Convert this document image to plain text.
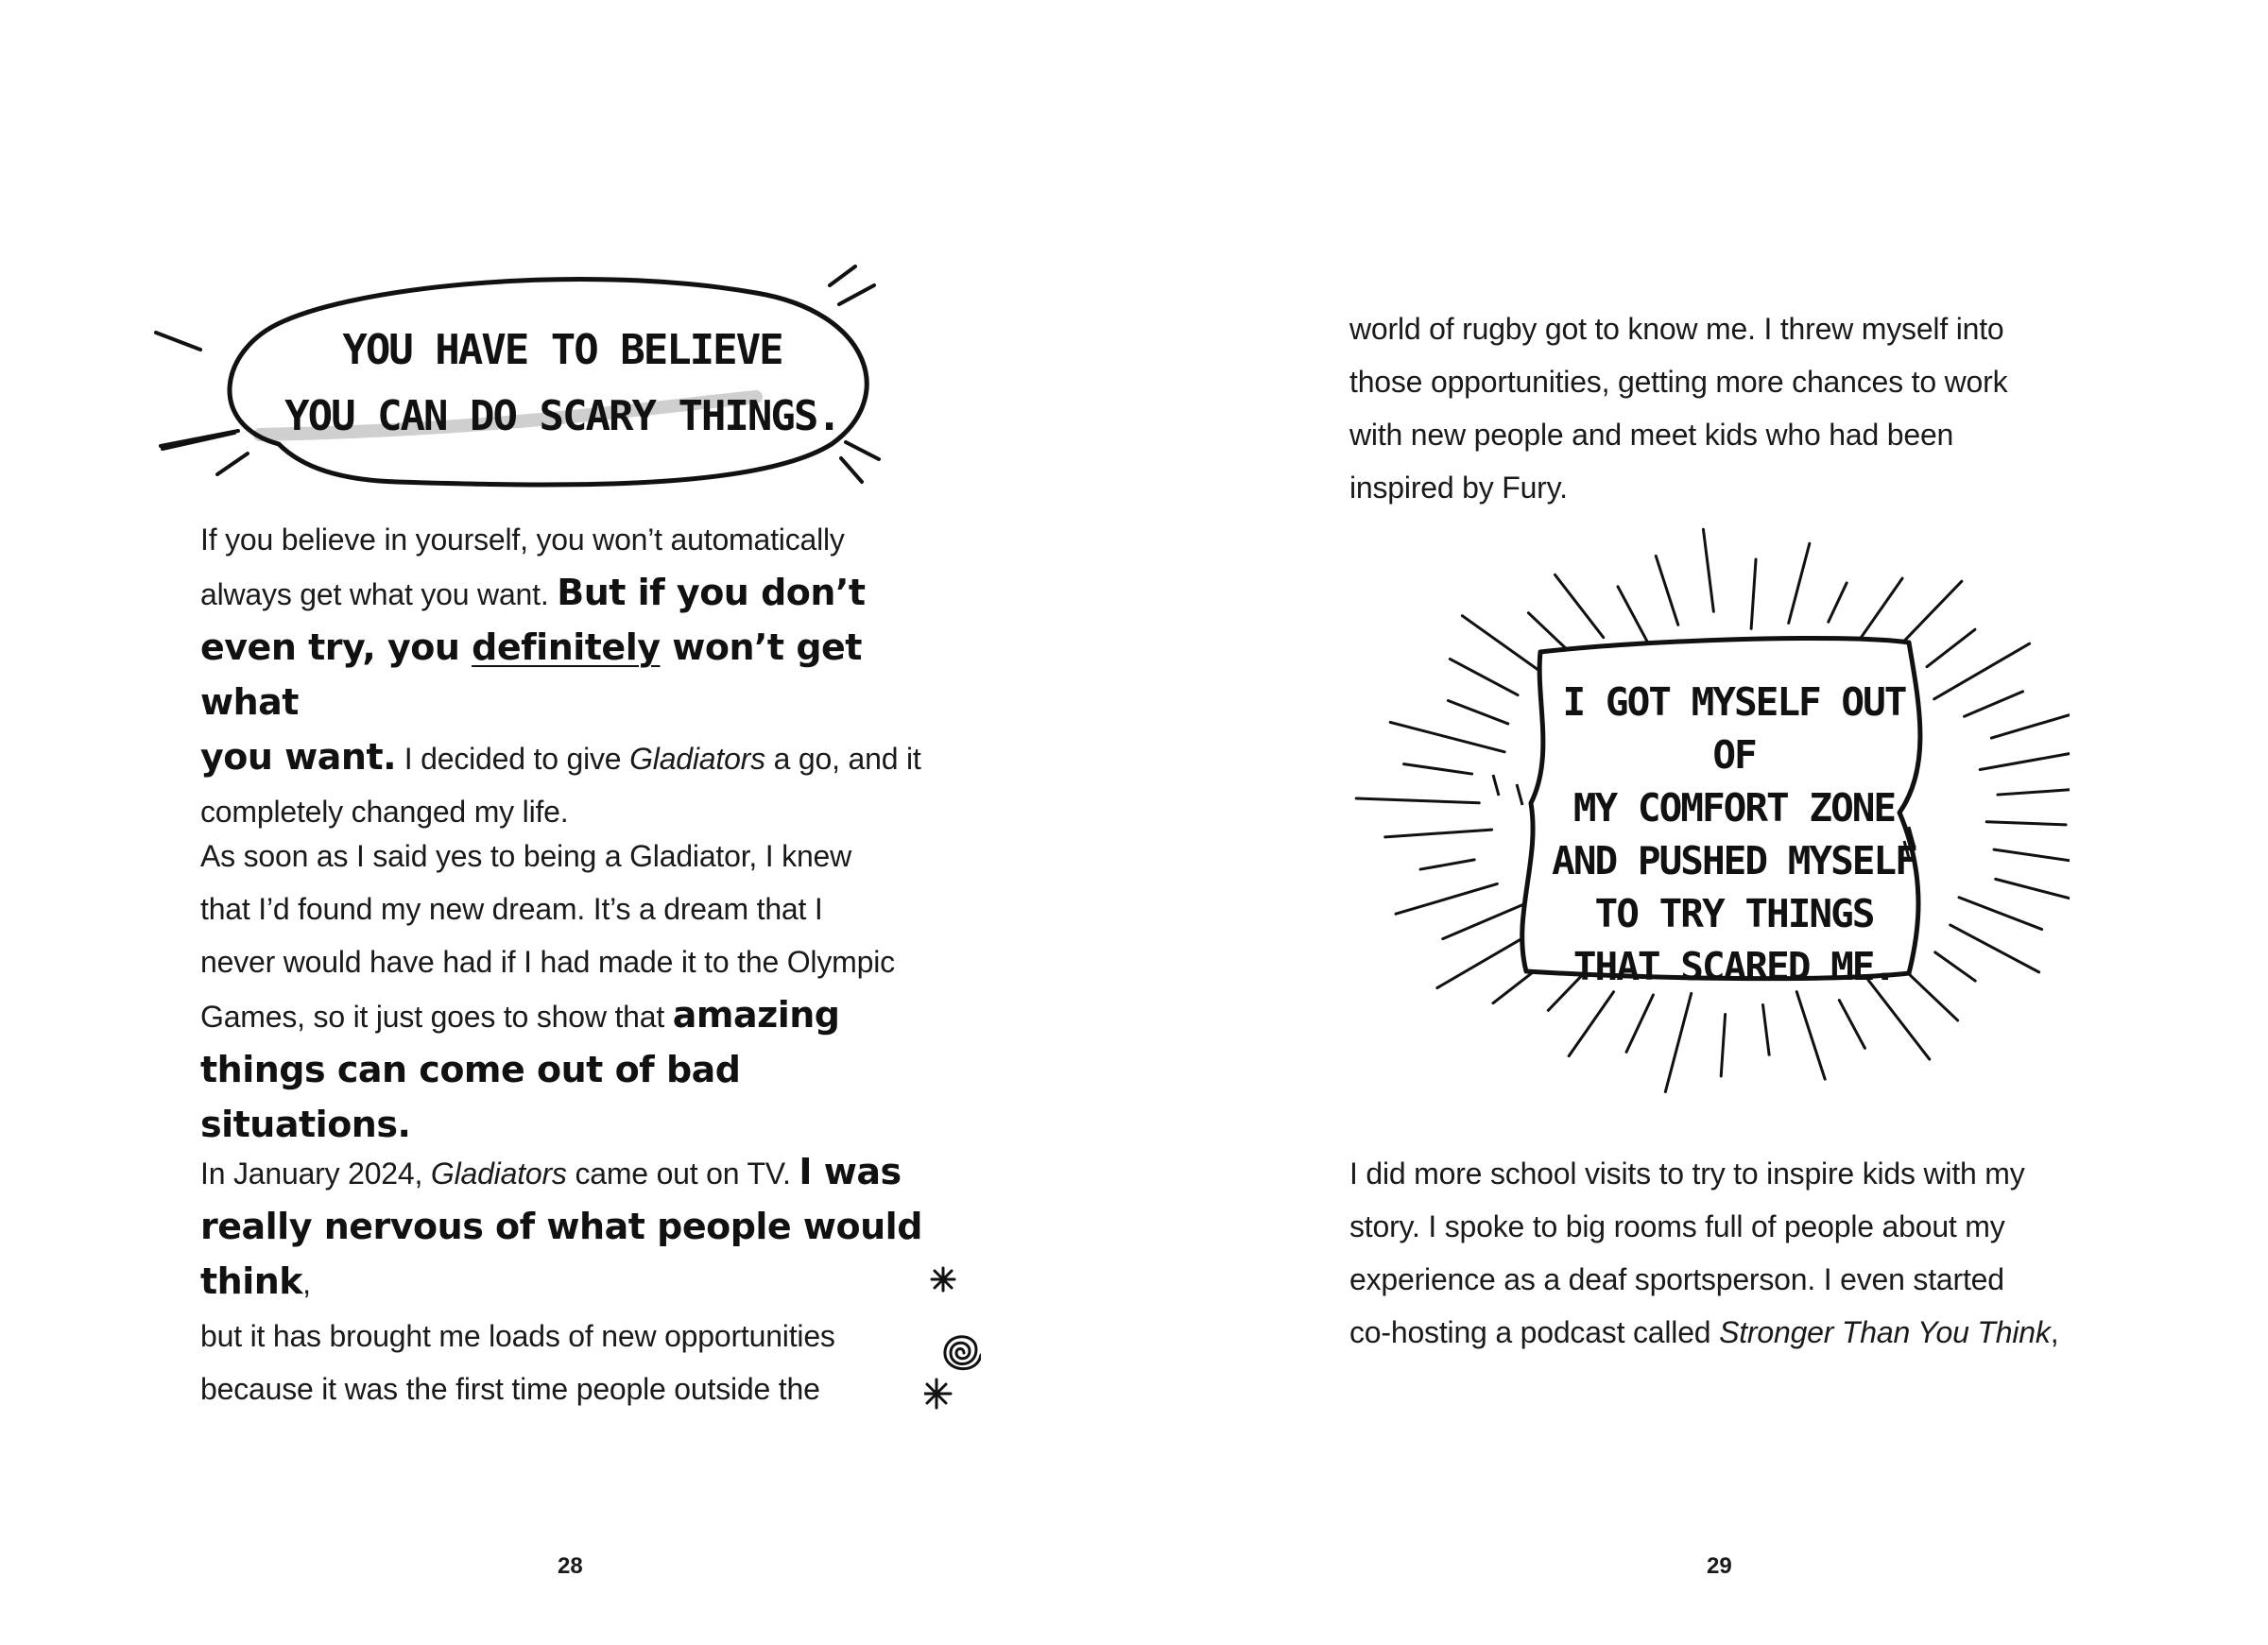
YOU HAVE TO BELIEVE
YOU CAN DO SCARY THINGS.
If you believe in yourself, you won’t automatically
always get what you want. But if you don’t
even try, you definitely won’t get what
you want. I decided to give Gladiators a go, and it
completely changed my life.
As soon as I said yes to being a Gladiator, I knew
that I’d found my new dream. It’s a dream that I
never would have had if I had made it to the Olympic
Games, so it just goes to show that amazing
things can come out of bad situations.
In January 2024, Gladiators came out on TV. I was
really nervous of what people would think,
but it has brought me loads of new opportunities
because it was the first time people outside the
28
world of rugby got to know me. I threw myself into
those opportunities, getting more chances to work
with new people and meet kids who had been
inspired by Fury.
I GOT MYSELF OUT OF
MY COMFORT ZONE
AND PUSHED MYSELF
TO TRY THINGS
THAT SCARED ME.
I did more school visits to try to inspire kids with my
story. I spoke to big rooms full of people about my
experience as a deaf sportsperson. I even started
co-hosting a podcast called Stronger Than You Think,
29
